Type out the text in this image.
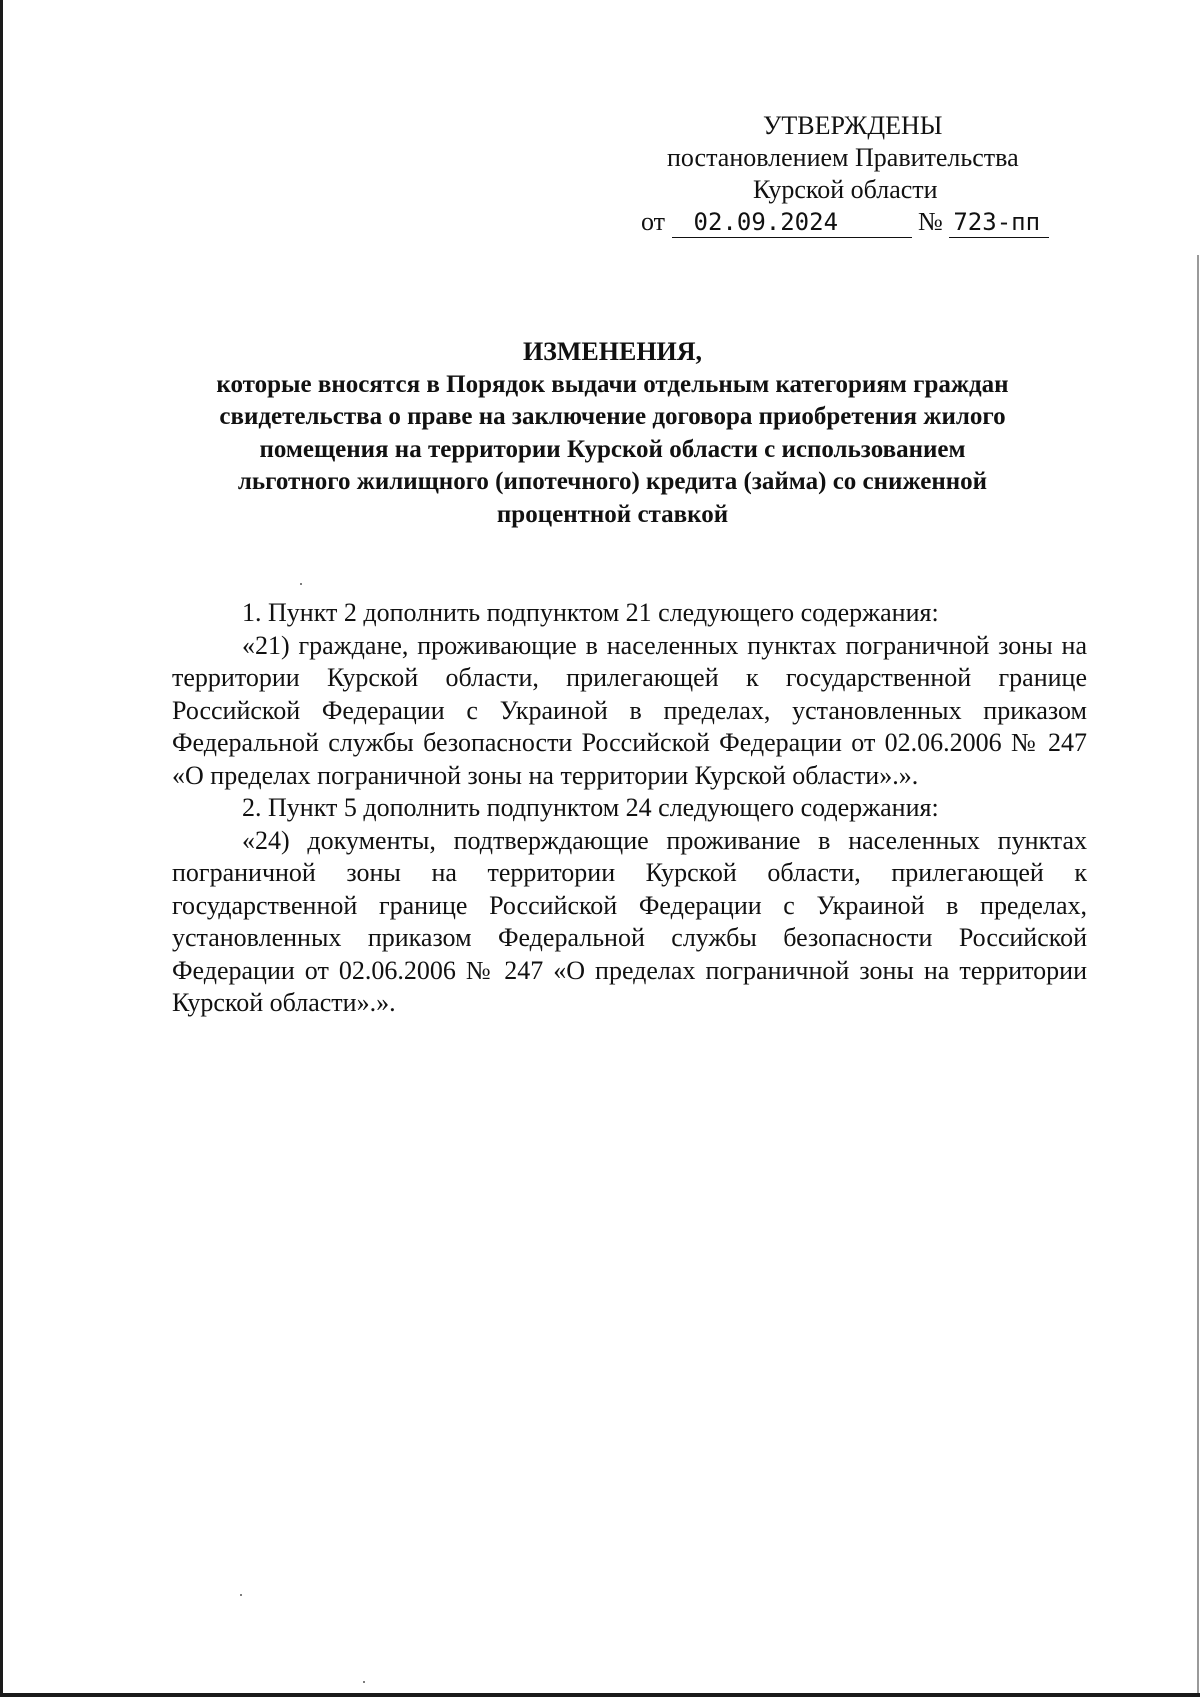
УТВЕРЖДЕНЫ
постановлением Правительства
Курской области
от 02.09.2024	№ 723-пп
ИЗМЕНЕНИЯ,
которые вносятся в Порядок выдачи отдельным категориям граждан
свидетельства о праве на заключение договора приобретения жилого
помещения на территории Курской области с использованием
льготного жилищного (ипотечного) кредита (займа) со сниженной
процентной ставкой

1. Пункт 2 дополнить подпунктом 21 следующего содержания:

«21) граждане, проживающие в населенных пунктах пограничной зоны на территории Курской области, прилегающей к государственной границе Российской Федерации с Украиной в пределах, установленных приказом Федеральной службы безопасности Российской Федерации от 02.06.2006 № 247 «О пределах пограничной зоны на территории Курской области».».

2. Пункт 5 дополнить подпунктом 24 следующего содержания:

«24) документы, подтверждающие проживание в населенных пунктах пограничной зоны на территории Курской области, прилегающей к государственной границе Российской Федерации с Украиной в пределах, установленных приказом Федеральной службы безопасности Российской Федерации от 02.06.2006 № 247 «О пределах пограничной зоны на территории Курской области».».
